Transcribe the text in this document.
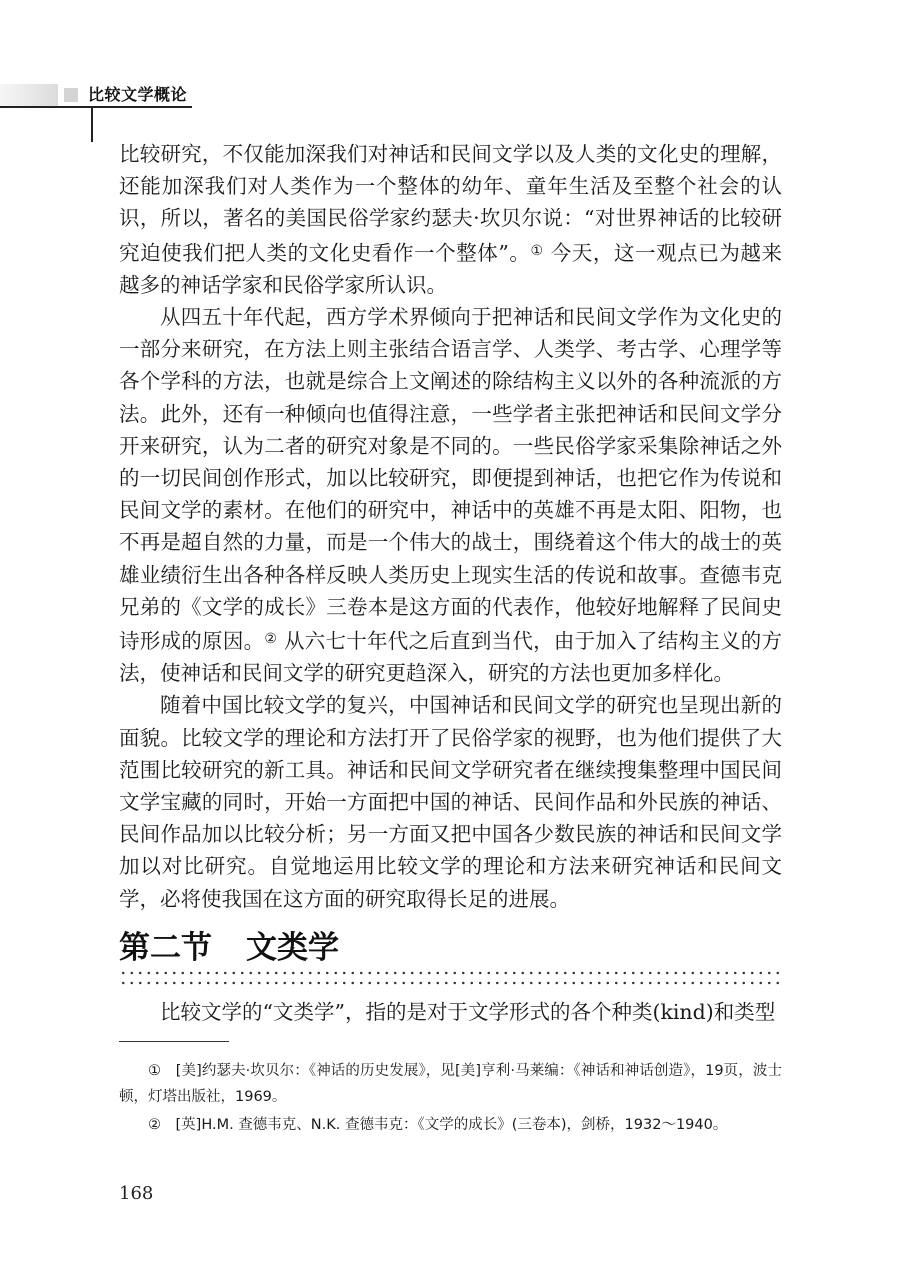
比较文学概论

比较研究，不仅能加深我们对神话和民间文学以及人类的文化史的理解，还能加深我们对人类作为一个整体的幼年、童年生活及至整个社会的认识，所以，著名的美国民俗学家约瑟夫·坎贝尔说：“对世界神话的比较研究迫使我们把人类的文化史看作一个整体”。① 今天，这一观点已为越来越多的神话学家和民俗学家所认识。

从四五十年代起，西方学术界倾向于把神话和民间文学作为文化史的一部分来研究，在方法上则主张结合语言学、人类学、考古学、心理学等各个学科的方法，也就是综合上文阐述的除结构主义以外的各种流派的方法。此外，还有一种倾向也值得注意，一些学者主张把神话和民间文学分开来研究，认为二者的研究对象是不同的。一些民俗学家采集除神话之外的一切民间创作形式，加以比较研究，即便提到神话，也把它作为传说和民间文学的素材。在他们的研究中，神话中的英雄不再是太阳、阳物，也不再是超自然的力量，而是一个伟大的战士，围绕着这个伟大的战士的英雄业绩衍生出各种各样反映人类历史上现实生活的传说和故事。查德韦克兄弟的《文学的成长》三卷本是这方面的代表作，他较好地解释了民间史诗形成的原因。② 从六七十年代之后直到当代，由于加入了结构主义的方法，使神话和民间文学的研究更趋深入，研究的方法也更加多样化。

随着中国比较文学的复兴，中国神话和民间文学的研究也呈现出新的面貌。比较文学的理论和方法打开了民俗学家的视野，也为他们提供了大范围比较研究的新工具。神话和民间文学研究者在继续搜集整理中国民间文学宝藏的同时，开始一方面把中国的神话、民间作品和外民族的神话、民间作品加以比较分析；另一方面又把中国各少数民族的神话和民间文学加以对比研究。自觉地运用比较文学的理论和方法来研究神话和民间文学，必将使我国在这方面的研究取得长足的进展。

第二节 文类学
比较文学的“文类学”，指的是对于文学形式的各个种类(kind)和类型

①　[美]约瑟夫·坎贝尔：《神话的历史发展》，见[美]亨利·马莱编：《神话和神话创造》，19页，波士顿，灯塔出版社，1969。

②　[英]H.M. 查德韦克、N.K. 查德韦克：《文学的成长》(三卷本)，剑桥，1932～1940。

168
